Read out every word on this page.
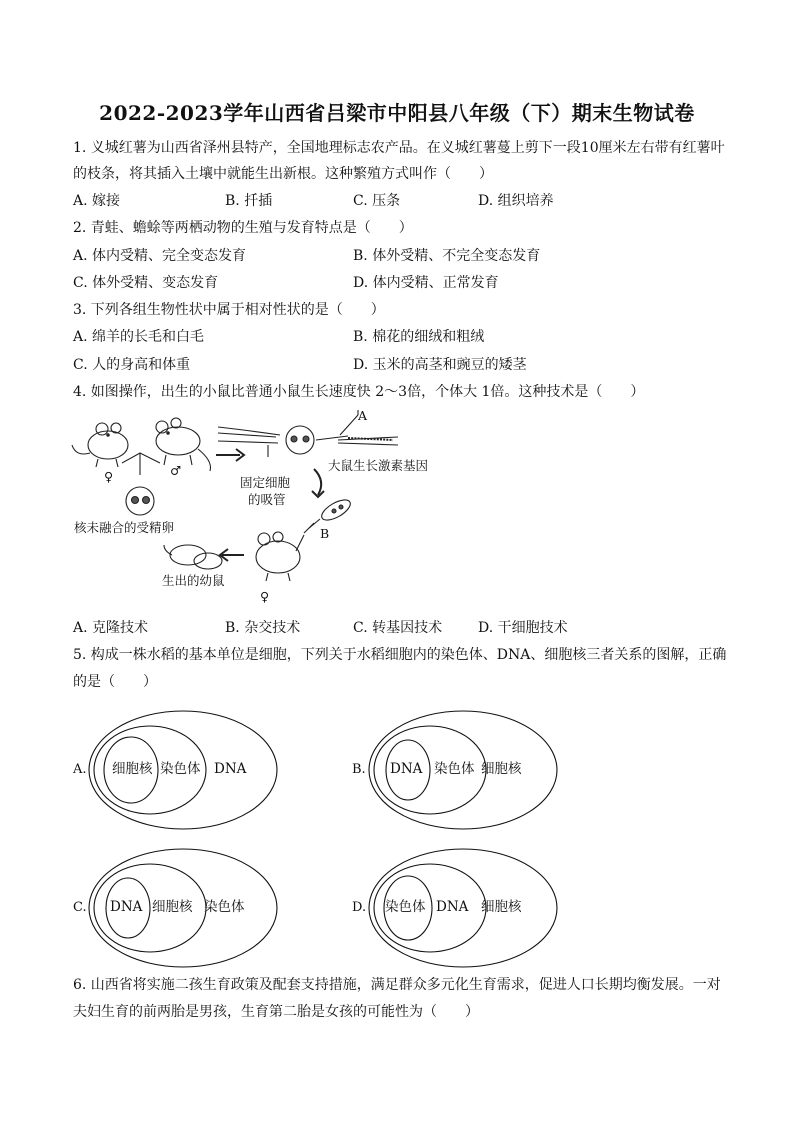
2022-2023学年山西省吕梁市中阳县八年级（下）期末生物试卷
1. 义城红薯为山西省泽州县特产，全国地理标志农产品。在义城红薯蔓上剪下一段10厘米左右带有红薯叶
的枝条，将其插入土壤中就能生出新根。这种繁殖方式叫作（　　）
A. 嫁接	B. 扦插	C. 压条	D. 组织培养
2. 青蛙、蟾蜍等两栖动物的生殖与发育特点是（　　）
A. 体内受精、完全变态发育	B. 体外受精、不完全变态发育
C. 体外受精、变态发育	D. 体内受精、正常发育
3. 下列各组生物性状中属于相对性状的是（　　）
A. 绵羊的长毛和白毛	B. 棉花的细绒和粗绒
C. 人的身高和体重	D. 玉米的高茎和豌豆的矮茎
4. 如图操作，出生的小鼠比普通小鼠生长速度快 2～3倍，个体大 1倍。这种技术是（　　）
A
大鼠生长激素基因
固定细胞
的吸管
B
核未融合的受精卵
生出的幼鼠
♀	♂
♀
A. 克隆技术	B. 杂交技术	C. 转基因技术	D. 干细胞技术
5. 构成一株水稻的基本单位是细胞，下列关于水稻细胞内的染色体、DNA、细胞核三者关系的图解，正确
的是（　　）
A. 细胞核 染色体 DNA	B. DNA 染色体 细胞核
C. DNA 细胞核 染色体	D. 染色体 DNA 细胞核
6. 山西省将实施二孩生育政策及配套支持措施，满足群众多元化生育需求，促进人口长期均衡发展。一对
夫妇生育的前两胎是男孩，生育第二胎是女孩的可能性为（　　）
